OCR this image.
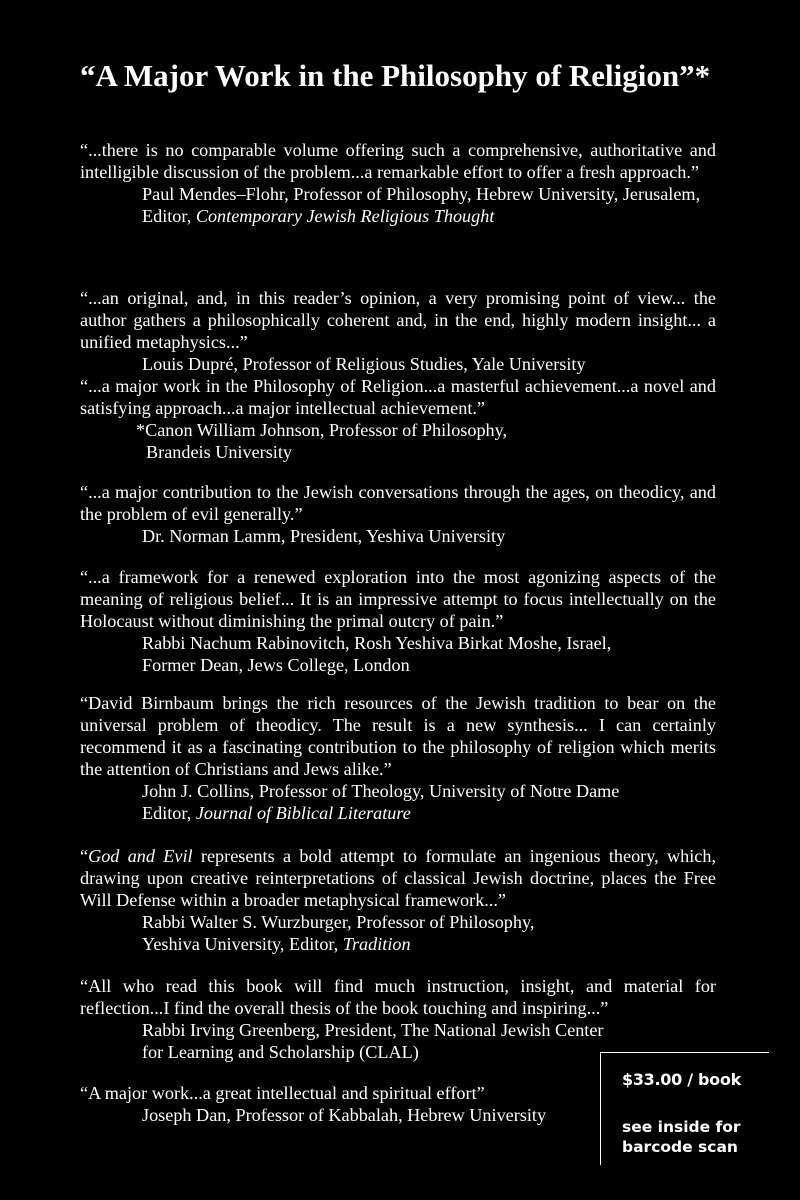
“A Major Work in the Philosophy of Religion”*

“...there is no comparable volume offering such a comprehensive, authoritative and intelligible discussion of the problem...a remarkable effort to offer a fresh approach.”

Paul Mendes–Flohr, Professor of Philosophy, Hebrew University, Jerusalem,
Editor, Contemporary Jewish Religious Thought

“...an original, and, in this reader’s opinion, a very promising point of view... the author gathers a philosophically coherent and, in the end, highly modern insight... a unified metaphysics...”

Louis Dupré, Professor of Religious Studies, Yale University

“...a major work in the Philosophy of Religion...a masterful achievement...a novel and satisfying approach...a major intellectual achievement.”

*Canon William Johnson, Professor of Philosophy,
Brandeis University

“...a major contribution to the Jewish conversations through the ages, on theodicy, and the problem of evil generally.”

Dr. Norman Lamm, President, Yeshiva University

“...a framework for a renewed exploration into the most agonizing aspects of the meaning of religious belief... It is an impressive attempt to focus intellectually on the Holocaust without diminishing the primal outcry of pain.”

Rabbi Nachum Rabinovitch, Rosh Yeshiva Birkat Moshe, Israel,
Former Dean, Jews College, London

“David Birnbaum brings the rich resources of the Jewish tradition to bear on the universal problem of theodicy. The result is a new synthesis... I can certainly recommend it as a fascinating contribution to the philosophy of religion which merits the attention of Christians and Jews alike.”

John J. Collins, Professor of Theology, University of Notre Dame
Editor, Journal of Biblical Literature

“God and Evil represents a bold attempt to formulate an ingenious theory, which, drawing upon creative reinterpretations of classical Jewish doctrine, places the Free Will Defense within a broader metaphysical framework...”

Rabbi Walter S. Wurzburger, Professor of Philosophy,
Yeshiva University, Editor, Tradition

“All who read this book will find much instruction, insight, and material for reflection...I find the overall thesis of the book touching and inspiring...”

Rabbi Irving Greenberg, President, The National Jewish Center
for Learning and Scholarship (CLAL)

“A major work...a great intellectual and spiritual effort”

Joseph Dan, Professor of Kabbalah, Hebrew University

$33.00 / book
see inside for
barcode scan
